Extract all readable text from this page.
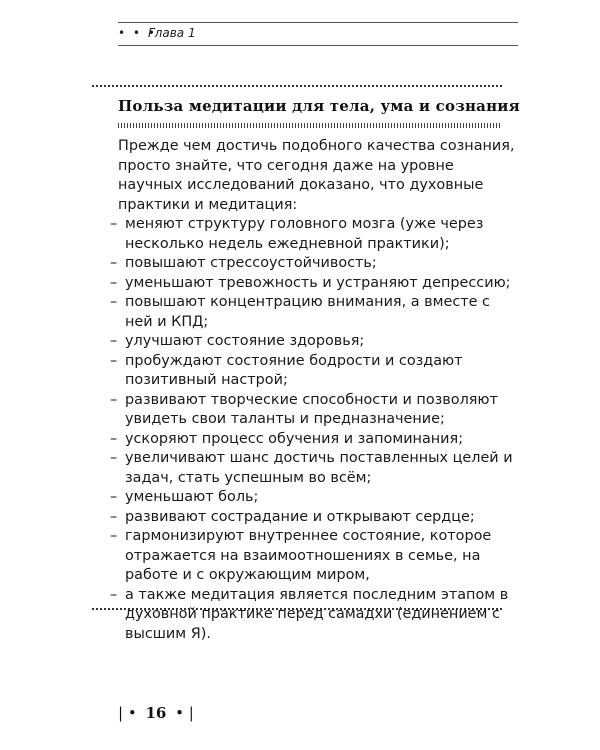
• • •
Глава 1
Польза медитации для тела, ума и сознания

Прежде чем достичь подобного качества сознания, просто знайте, что сегодня даже на уровне научных исследований доказано, что духовные практики и медитация:

– меняют структуру головного мозга (уже через несколько недель ежедневной практики);
– повышают стрессоустойчивость;
– уменьшают тревожность и устраняют депрессию;
– повышают концентрацию внимания, а вместе с ней и КПД;
– улучшают состояние здоровья;
– пробуждают состояние бодрости и создают позитивный настрой;
– развивают творческие способности и позволяют увидеть свои таланты и предназначение;
– ускоряют процесс обучения и запоминания;
– увеличивают шанс достичь поставленных целей и задач, стать успешным во всём;
– уменьшают боль;
– развивают сострадание и открывают сердце;
– гармонизируют внутреннее состояние, которое отражается на взаимоотношениях в семье, на работе и с окружающим миром,
– а также медитация является последним этапом в духовной практике перед самадхи (единением с высшим Я).
| • 16 • |
